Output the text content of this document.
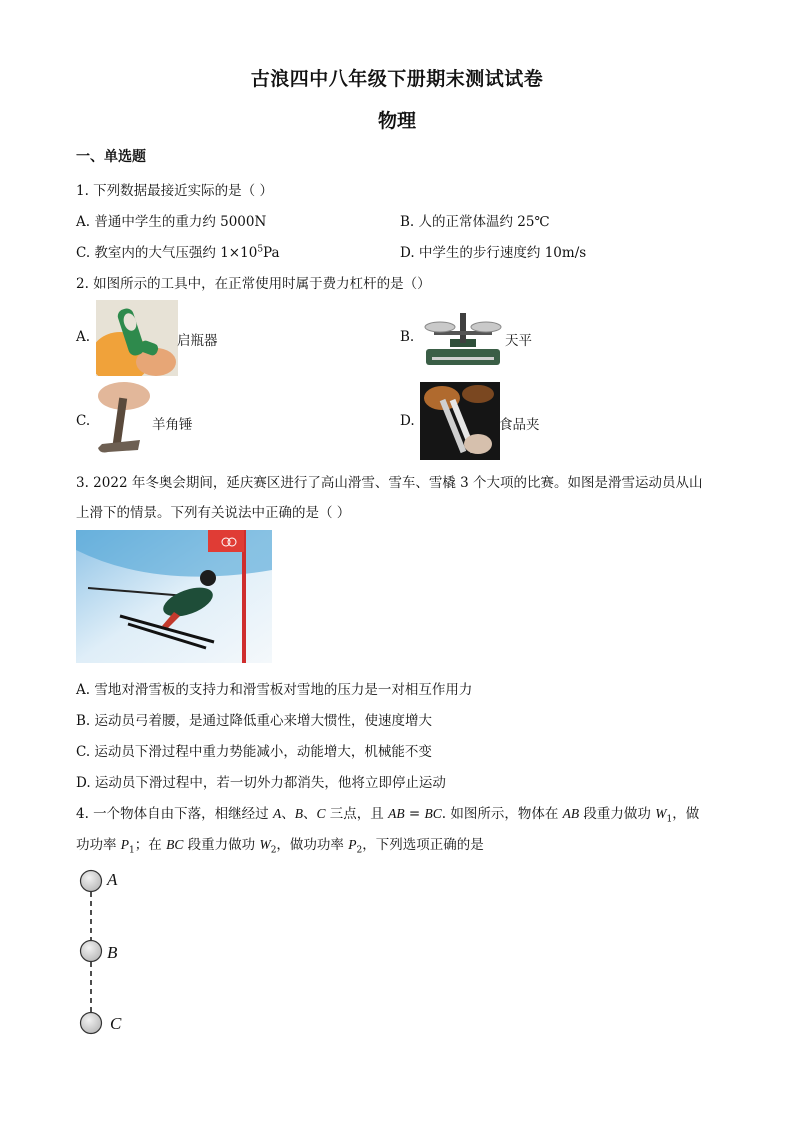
古浪四中八年级下册期末测试试卷
物理
一、单选题
1. 下列数据最接近实际的是（ ）
A. 普通中学生的重力约 5000N	B. 人的正常体温约 25℃
C. 教室内的大气压强约 $1\times 10^5Pa$	D. 中学生的步行速度约 10m/s
2. 如图所示的工具中，在正常使用时属于费力杠杆的是（）
A.	启瓶器	B.	天平
C.	羊角锤	D.	食品夹
3. 2022 年冬奥会期间，延庆赛区进行了高山滑雪、雪车、雪橇 3 个大项的比赛。如图是滑雪运动员从山
上滑下的情景。下列有关说法中正确的是（ ）
A. 雪地对滑雪板的支持力和滑雪板对雪地的压力是一对相互作用力
B. 运动员弓着腰，是通过降低重心来增大惯性，使速度增大
C. 运动员下滑过程中重力势能减小，动能增大，机械能不变
D. 运动员下滑过程中，若一切外力都消失，他将立即停止运动
4. 一个物体自由下落，相继经过 A、B、C 三点，且 AB = BC. 如图所示，物体在 AB 段重力做功 $W_1$，做
功功率 $P_1$；在 BC 段重力做功 $W_2$，做功功率 $P_2$，下列选项正确的是
A
B
C
